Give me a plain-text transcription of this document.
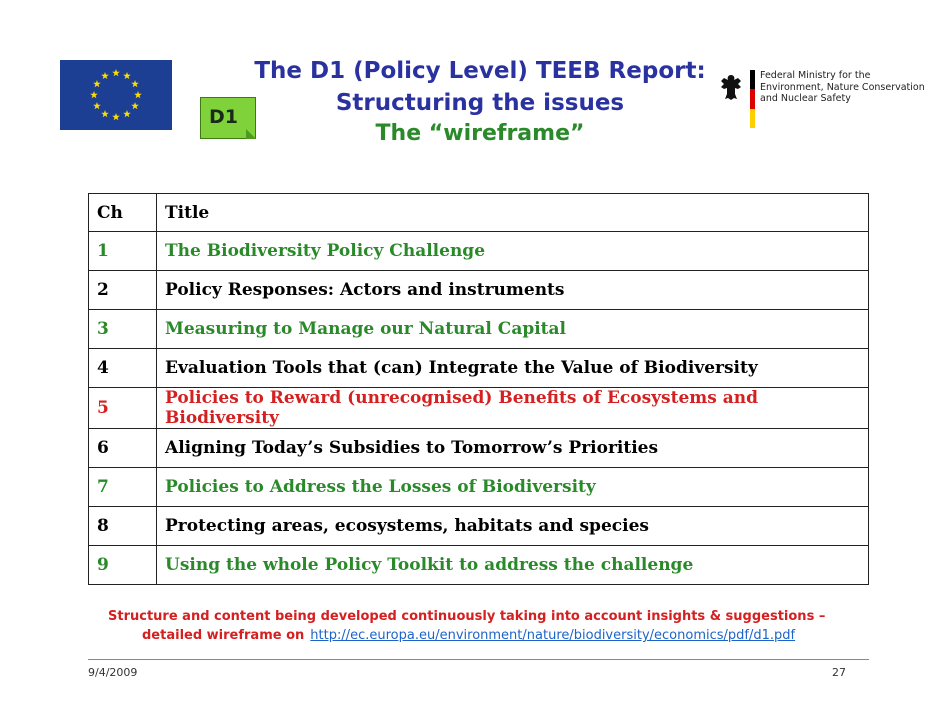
D1
The D1 (Policy Level) TEEB Report:
Structuring the issues
The “wireframe”
Federal Ministry for the
Environment, Nature Conservation
and Nuclear Safety
Ch	Title
1	The Biodiversity Policy Challenge
2	Policy Responses: Actors and instruments
3	Measuring to Manage our Natural Capital
4	Evaluation Tools that (can) Integrate the Value of Biodiversity
5	Policies to Reward (unrecognised) Benefits of Ecosystems and Biodiversity
6	Aligning Today’s Subsidies to Tomorrow’s Priorities
7	Policies to Address the Losses of Biodiversity
8	Protecting areas, ecosystems, habitats and species
9	Using the whole Policy Toolkit to address the challenge
Structure and content being developed continuously taking into account insights & suggestions –
detailed wireframe on http://ec.europa.eu/environment/nature/biodiversity/economics/pdf/d1.pdf
9/4/2009	27
